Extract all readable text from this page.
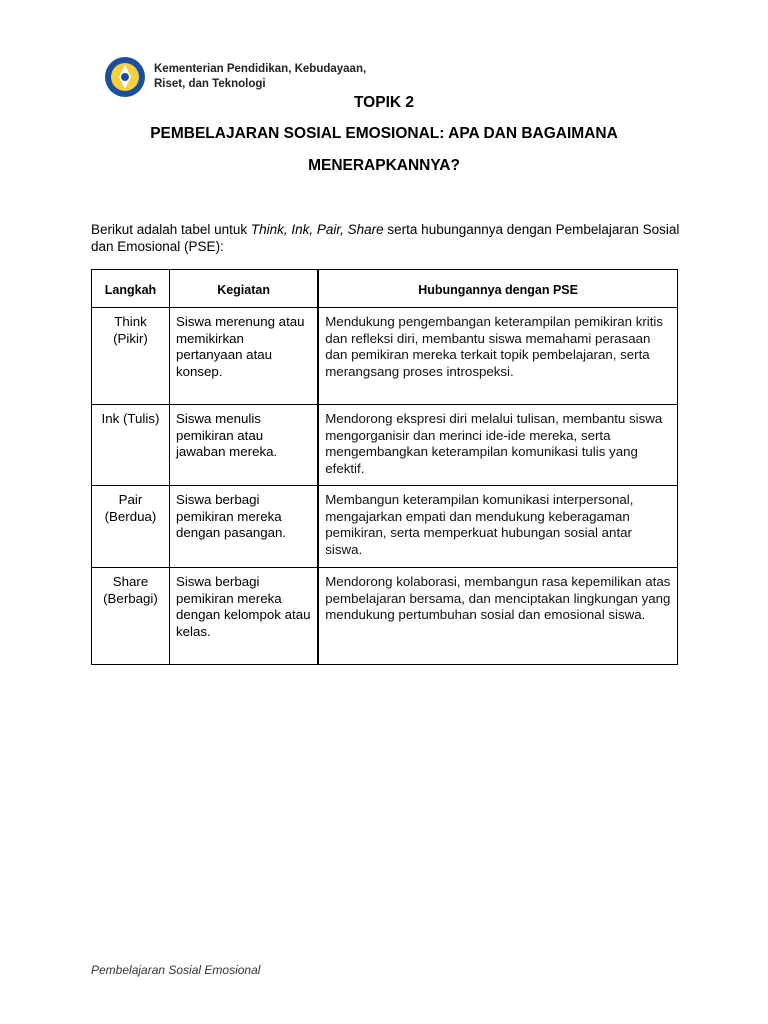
Kementerian Pendidikan, Kebudayaan,
Riset, dan Teknologi
TOPIK 2
PEMBELAJARAN SOSIAL EMOSIONAL: APA DAN BAGAIMANA
MENERAPKANNYA?
Berikut adalah tabel untuk Think, Ink, Pair, Share serta hubungannya dengan Pembelajaran Sosial dan Emosional (PSE):
Langkah	Kegiatan	Hubungannya dengan PSE
Think (Pikir)	Siswa merenung atau memikirkan pertanyaan atau konsep.	Mendukung pengembangan keterampilan pemikiran kritis dan refleksi diri, membantu siswa memahami perasaan dan pemikiran mereka terkait topik pembelajaran, serta merangsang proses introspeksi.
Ink (Tulis)	Siswa menulis pemikiran atau jawaban mereka.	Mendorong ekspresi diri melalui tulisan, membantu siswa mengorganisir dan merinci ide-ide mereka, serta mengembangkan keterampilan komunikasi tulis yang efektif.
Pair (Berdua)	Siswa berbagi pemikiran mereka dengan pasangan.	Membangun keterampilan komunikasi interpersonal, mengajarkan empati dan mendukung keberagaman pemikiran, serta memperkuat hubungan sosial antar siswa.
Share (Berbagi)	Siswa berbagi pemikiran mereka dengan kelompok atau kelas.	Mendorong kolaborasi, membangun rasa kepemilikan atas pembelajaran bersama, dan menciptakan lingkungan yang mendukung pertumbuhan sosial dan emosional siswa.
Pembelajaran Sosial Emosional
